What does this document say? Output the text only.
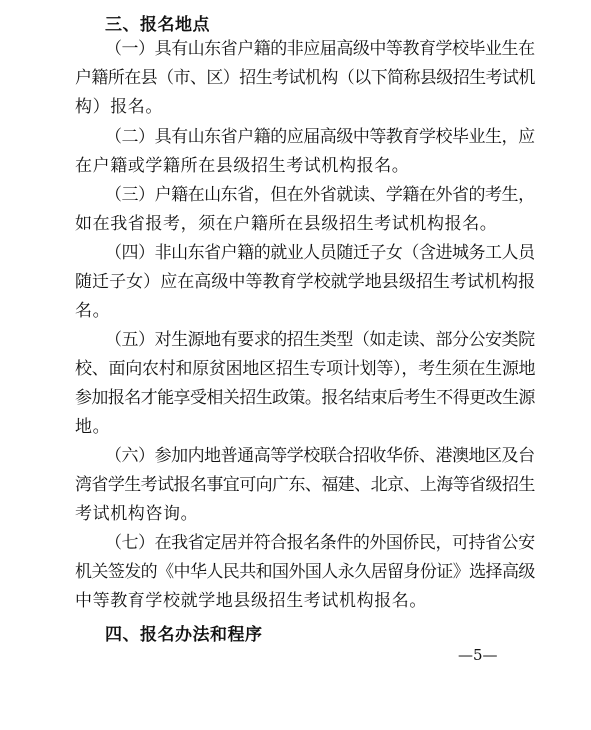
三、报名地点
（一）具有山东省户籍的非应届高级中等教育学校毕业生在
户籍所在县（市、区）招生考试机构（以下简称县级招生考试机
构）报名。
（二）具有山东省户籍的应届高级中等教育学校毕业生，应
在户籍或学籍所在县级招生考试机构报名。
（三）户籍在山东省，但在外省就读、学籍在外省的考生，
如在我省报考，须在户籍所在县级招生考试机构报名。
（四）非山东省户籍的就业人员随迁子女（含进城务工人员
随迁子女）应在高级中等教育学校就学地县级招生考试机构报
名。
（五）对生源地有要求的招生类型（如走读、部分公安类院
校、面向农村和原贫困地区招生专项计划等），考生须在生源地
参加报名才能享受相关招生政策。报名结束后考生不得更改生源
地。
（六）参加内地普通高等学校联合招收华侨、港澳地区及台
湾省学生考试报名事宜可向广东、福建、北京、上海等省级招生
考试机构咨询。
（七）在我省定居并符合报名条件的外国侨民，可持省公安
机关签发的《中华人民共和国外国人永久居留身份证》选择高级
中等教育学校就学地县级招生考试机构报名。
四、报名办法和程序
—5—
